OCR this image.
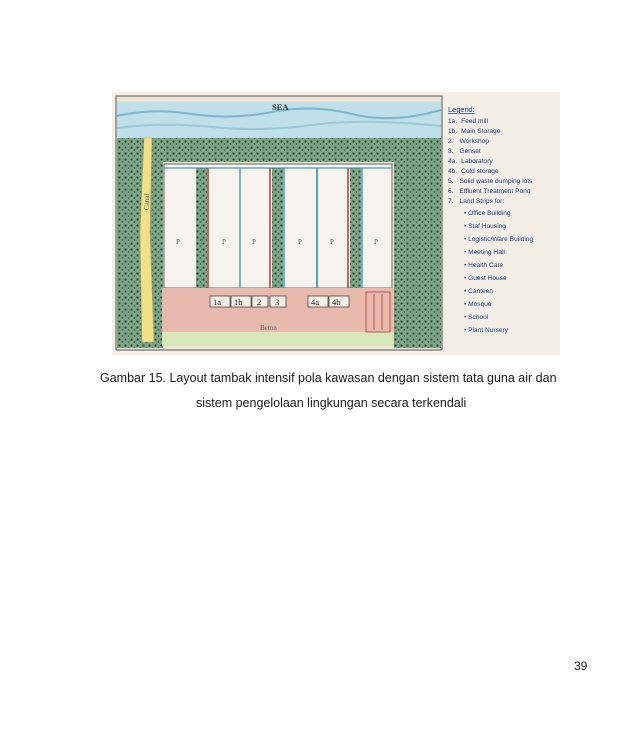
SEA
Canal
P	7	P	P	7	P	P	7	P
Beton
1a 1b 2 3	4a 4b
Legend:
1a. Feed mill
1b. Main Storage
2. Workshop
3. Genset
4a. Laboratory
4b. Cold storage
5. Solid waste dumping lots
6. Effluent Treatment Pond
7. Land Strips for:
• Office Building
• Staf Housing
• Logistic/Ware Building
• Meeting Hall
• Health Care
• Guest House
• Canteen
• Mosque
• School
• Plant Nursery
Gambar 15. Layout tambak intensif pola kawasan dengan sistem tata guna air dan
sistem pengelolaan lingkungan secara terkendali
39
